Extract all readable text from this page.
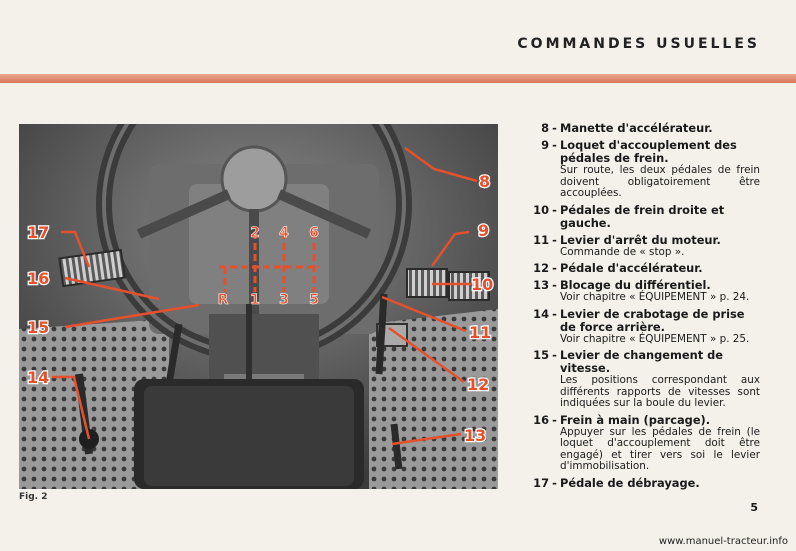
COMMANDES USUELLES
2 4 6
R 1 3 5
8
9
10
11
12
13
14
15
16
17
Fig. 2
8 - Manette d'accélérateur.
9 - Loquet d'accouplement des pédales de frein.
Sur route, les deux pédales de frein doivent obligatoirement être accouplées.
10 - Pédales de frein droite et gauche.
11 - Levier d'arrêt du moteur.
Commande de « stop ».
12 - Pédale d'accélérateur.
13 - Blocage du différentiel.
Voir chapitre « ÉQUIPEMENT » p. 24.
14 - Levier de crabotage de prise de force arrière.
Voir chapitre « ÉQUIPEMENT » p. 25.
15 - Levier de changement de vitesse.
Les positions correspondant aux différents rapports de vitesses sont indiquées sur la boule du levier.
16 - Frein à main (parcage).
Appuyer sur les pédales de frein (le loquet d'accouplement doit être engagé) et tirer vers soi le levier d'immobilisation.
17 - Pédale de débrayage.
5
www.manuel-tracteur.info
